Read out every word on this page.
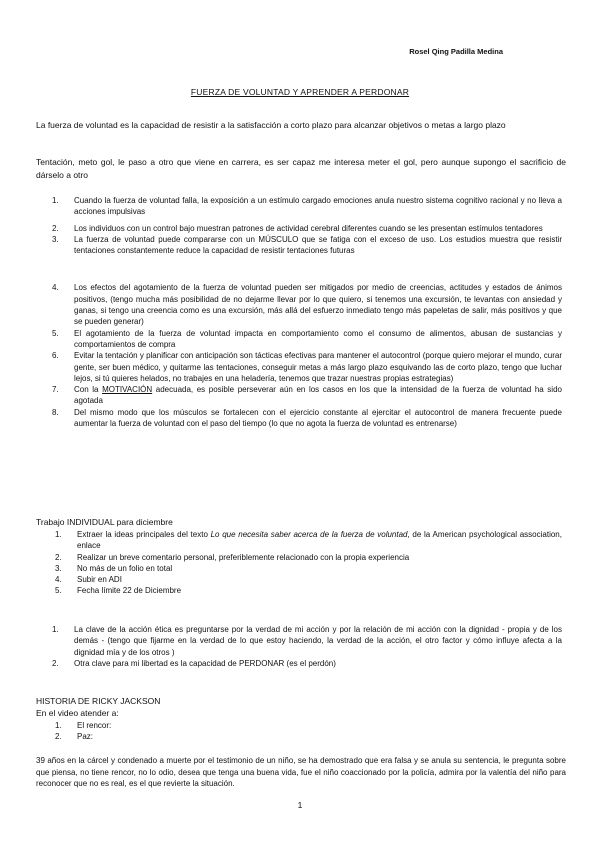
Rosel Qing Padilla Medina
FUERZA DE VOLUNTAD Y APRENDER A PERDONAR
La fuerza de voluntad es la capacidad de resistir a la satisfacción a corto plazo para alcanzar objetivos o metas a largo plazo
Tentación, meto gol, le paso a otro que viene en carrera, es ser capaz me interesa meter el gol, pero aunque supongo el sacrificio de dárselo a otro
1. Cuando la fuerza de voluntad falla, la exposición a un estímulo cargado emociones anula nuestro sistema cognitivo racional y no lleva a acciones impulsivas
2. Los individuos con un control bajo muestran patrones de actividad cerebral diferentes cuando se les presentan estímulos tentadores
3. La fuerza de voluntad puede compararse con un MÚSCULO que se fatiga con el exceso de uso. Los estudios muestra que resistir tentaciones constantemente reduce la capacidad de resistir tentaciones futuras
4. Los efectos del agotamiento de la fuerza de voluntad pueden ser mitigados por medio de creencias, actitudes y estados de ánimos positivos, (tengo mucha más posibilidad de no dejarme llevar por lo que quiero, si tenemos una excursión, te levantas con ansiedad y ganas, si tengo una creencia como es una excursión, más allá del esfuerzo inmediato tengo más papeletas de salir, más positivos y que se pueden generar)
5. El agotamiento de la fuerza de voluntad impacta en comportamiento como el consumo de alimentos, abusan de sustancias y comportamientos de compra
6. Evitar la tentación y planificar con anticipación son tácticas efectivas para mantener el autocontrol (porque quiero mejorar el mundo, curar gente, ser buen médico, y quitarme las tentaciones, conseguir metas a más largo plazo esquivando las de corto plazo, tengo que luchar lejos, si tú quieres helados, no trabajes en una heladería, tenemos que trazar nuestras propias estrategias)
7. Con la MOTIVACIÓN adecuada, es posible perseverar aún en los casos en los que la intensidad de la fuerza de voluntad ha sido agotada
8. Del mismo modo que los músculos se fortalecen con el ejercicio constante al ejercitar el autocontrol de manera frecuente puede aumentar la fuerza de voluntad con el paso del tiempo (lo que no agota la fuerza de voluntad es entrenarse)
Trabajo INDIVIDUAL para diciembre
1. Extraer la ideas principales del texto Lo que necesita saber acerca de la fuerza de voluntad, de la American psychological association, enlace
2. Realizar un breve comentario personal, preferiblemente relacionado con la propia experiencia
3. No más de un folio en total
4. Subir en ADI
5. Fecha límite 22 de Diciembre
1. La clave de la acción ética es preguntarse por la verdad de mi acción y por la relación de mi acción con la dignidad - propia y de los demás - (tengo que fijarme en la verdad de lo que estoy haciendo, la verdad de la acción, el otro factor y cómo influye afecta a la dignidad mía y de los otros )
2. Otra clave para mi libertad es la capacidad de PERDONAR (es el perdón)
HISTORIA DE RICKY JACKSON
En el video atender a:
1. El rencor:
2. Paz:
39 años en la cárcel y condenado a muerte por el testimonio de un niño, se ha demostrado que era falsa y se anula su sentencia, le pregunta sobre que piensa, no tiene rencor, no lo odio, desea que tenga una buena vida, fue el niño coaccionado por la policía, admira por la valentía del niño para reconocer que no es real, es el que revierte la situación.
1
